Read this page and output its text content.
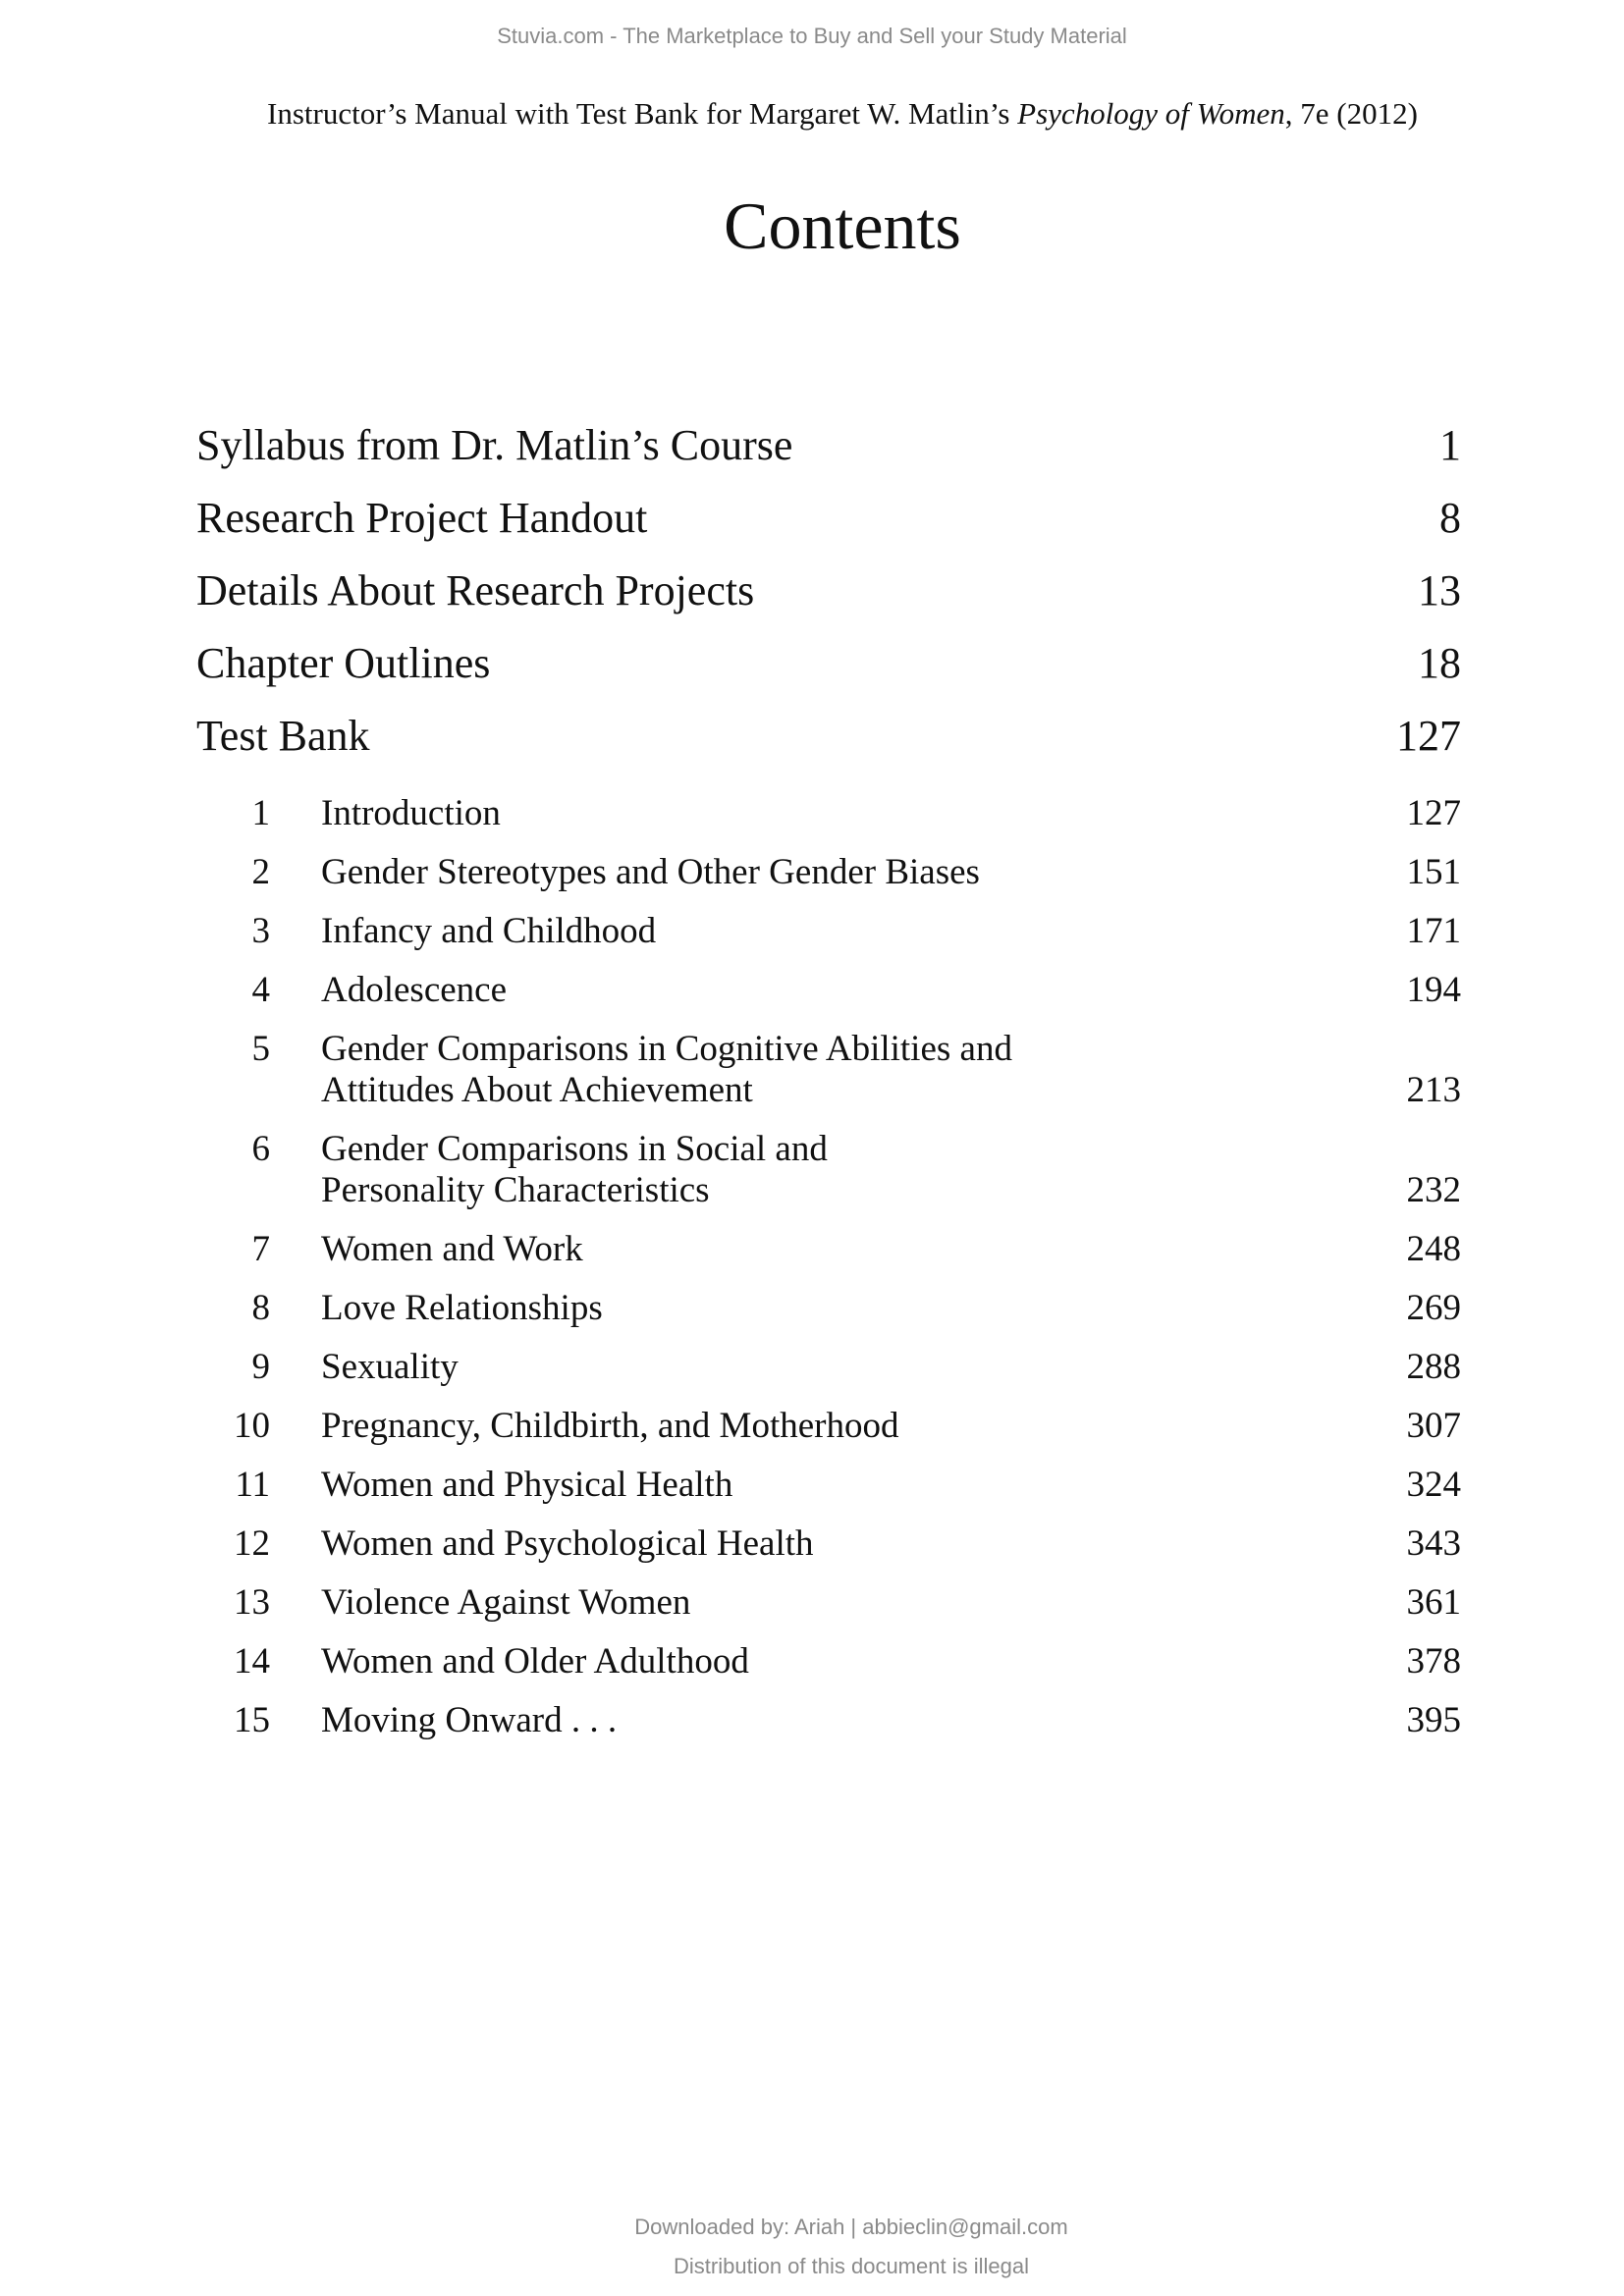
Stuvia.com - The Marketplace to Buy and Sell your Study Material
Instructor’s Manual with Test Bank for Margaret W. Matlin’s Psychology of Women, 7e (2012)
Contents
Syllabus from Dr. Matlin’s Course	1
Research Project Handout	8
Details About Research Projects	13
Chapter Outlines	18
Test Bank	127
1 Introduction	127
2 Gender Stereotypes and Other Gender Biases	151
3 Infancy and Childhood	171
4 Adolescence	194
5 Gender Comparisons in Cognitive Abilities and
Attitudes About Achievement	213
6 Gender Comparisons in Social and
Personality Characteristics	232
7 Women and Work	248
8 Love Relationships	269
9 Sexuality	288
10 Pregnancy, Childbirth, and Motherhood	307
11 Women and Physical Health	324
12 Women and Psychological Health	343
13 Violence Against Women	361
14 Women and Older Adulthood	378
15 Moving Onward . . .	395
Downloaded by: Ariah | abbieclin@gmail.com
Distribution of this document is illegal
